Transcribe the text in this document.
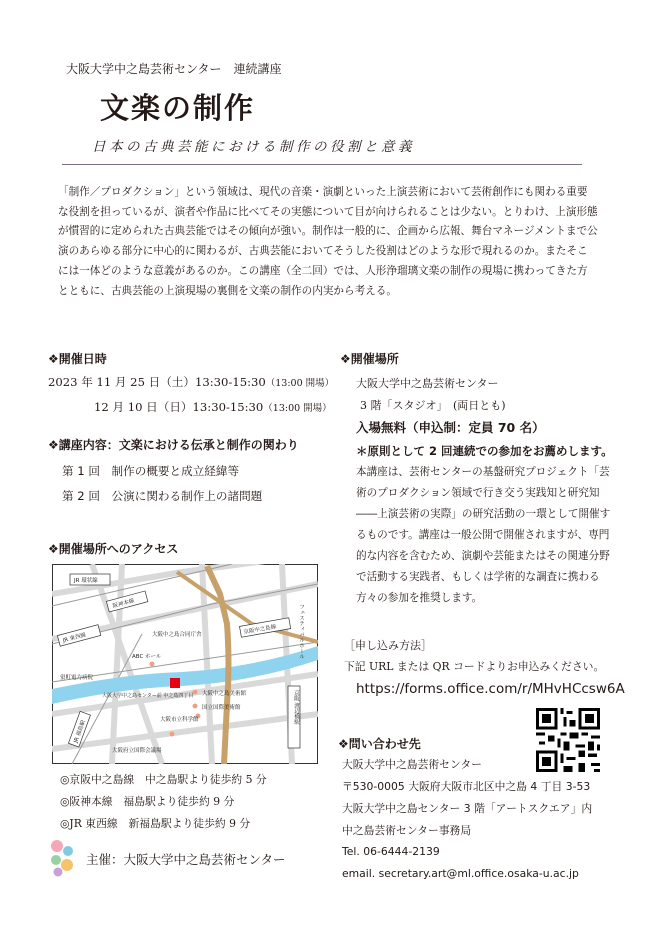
大阪大学中之島芸術センター　連続講座
文楽の制作
日本の古典芸能における制作の役割と意義

「制作／プロダクション」という領域は、現代の音楽・演劇といった上演芸術において芸術創作にも関わる重要な役割を担っているが、演者や作品に比べてその実態について目が向けられることは少ない。とりわけ、上演形態が慣習的に定められた古典芸能ではその傾向が強い。制作は一般的に、企画から広報、舞台マネージメントまで公演のあらゆる部分に中心的に関わるが、古典芸能においてそうした役割はどのような形で現れるのか。またそこには一体どのような意義があるのか。この講座（全二回）では、人形浄瑠璃文楽の制作の現場に携わってきた方とともに、古典芸能の上演現場の裏側を文楽の制作の内実から考える。

❖開催日時
2023 年 11 月 25 日（土）13:30-15:30（13:00 開場）
12 月 10 日（日）13:30-15:30（13:00 開場）
❖講座内容：文楽における伝承と制作の関わり
第 1 回　 制作の概要と成立経緯等
第 2 回　 公演に関わる制作上の諸問題
❖開催場所へのアクセス
JR 環状線
阪神本線
JR 東西線	大阪中之島合同庁舎
ABC ホール
京阪中之島線	フェスティバルホール
蛍町電力病院
大阪大学中之島センター前 中之島四丁目 大阪中之島美術館
国立国際美術館
大阪市立科学館
大阪府立国際会議場
JR 福島駅
京阪 渡辺橋駅
◎京阪中之島線　中之島駅より徒歩約 5 分
◎阪神本線　福島駅より徒歩約 9 分
◎JR 東西線　新福島駅より徒歩約 9 分
主催：大阪大学中之島芸術センター
❖開催場所
大阪大学中之島芸術センター
3 階「スタジオ」　(両日とも)
入場無料（申込制：定員 70 名）
＊原則として 2 回連続での参加をお薦めします。
本講座は、芸術センターの基盤研究プロジェクト「芸術のプロダクション領域で行き交う実践知と研究知――上演芸術の実際」の研究活動の一環として開催するものです。講座は一般公開で開催されますが、専門的な内容を含むため、演劇や芸能またはその関連分野で活動する実践者、もしくは学術的な調査に携わる方々の参加を推奨します。
［申し込み方法］
下記 URL または QR コードよりお申込みください。
https://forms.office.com/r/MHvHCcsw6A
❖問い合わせ先
大阪大学中之島芸術センター
〒530-0005 大阪府大阪市北区中之島 4 丁目 3-53
大阪大学中之島センター 3 階「アートスクエア」内
中之島芸術センター事務局
Tel. 06-6444-2139
email. secretary.art@ml.office.osaka-u.ac.jp
